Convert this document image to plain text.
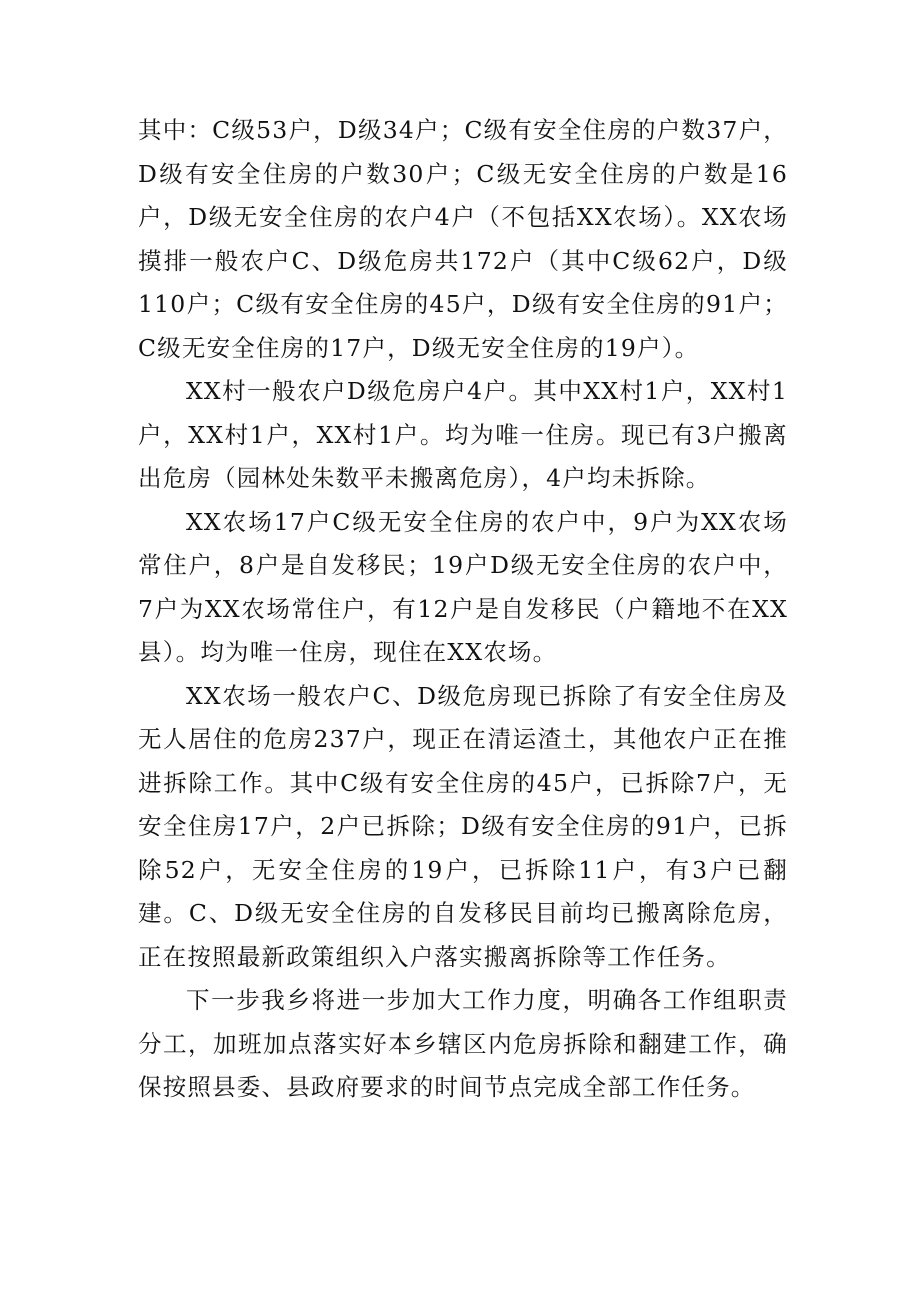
其中：C级53户，D级34户；C级有安全住房的户数37户，D级有安全住房的户数30户；C级无安全住房的户数是16户，D级无安全住房的农户4户（不包括XX农场）。XX农场摸排一般农户C、D级危房共172户（其中C级62户，D级110户；C级有安全住房的45户，D级有安全住房的91户；C级无安全住房的17户，D级无安全住房的19户）。

XX村一般农户D级危房户4户。其中XX村1户，XX村1户，XX村1户，XX村1户。均为唯一住房。现已有3户搬离出危房（园林处朱数平未搬离危房），4户均未拆除。

XX农场17户C级无安全住房的农户中，9户为XX农场常住户，8户是自发移民；19户D级无安全住房的农户中，7户为XX农场常住户，有12户是自发移民（户籍地不在XX县）。均为唯一住房，现住在XX农场。

XX农场一般农户C、D级危房现已拆除了有安全住房及无人居住的危房237户，现正在清运渣土，其他农户正在推进拆除工作。其中C级有安全住房的45户，已拆除7户，无安全住房17户，2户已拆除；D级有安全住房的91户，已拆除52户，无安全住房的19户，已拆除11户，有3户已翻建。C、D级无安全住房的自发移民目前均已搬离除危房，正在按照最新政策组织入户落实搬离拆除等工作任务。

下一步我乡将进一步加大工作力度，明确各工作组职责分工，加班加点落实好本乡辖区内危房拆除和翻建工作，确保按照县委、县政府要求的时间节点完成全部工作任务。
